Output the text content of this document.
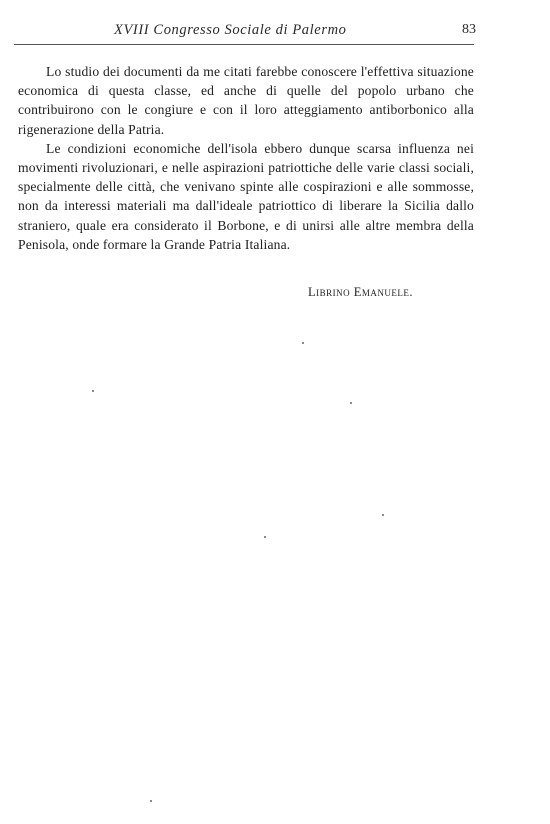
XVIII Congresso Sociale di Palermo	83

Lo studio dei documenti da me citati farebbe conoscere l'effettiva situazione economica di questa classe, ed anche di quelle del popolo urbano che contribuirono con le congiure e con il loro atteggiamento antiborbonico alla rigenerazione della Patria.

Le condizioni economiche dell'isola ebbero dunque scarsa influenza nei movimenti rivoluzionari, e nelle aspirazioni patriottiche delle varie classi sociali, specialmente delle città, che venivano spinte alle cospirazioni e alle sommosse, non da interessi materiali ma dall'ideale patriottico di liberare la Sicilia dallo straniero, quale era considerato il Borbone, e di unirsi alle altre membra della Penisola, onde formare la Grande Patria Italiana.

Librino Emanuele.
